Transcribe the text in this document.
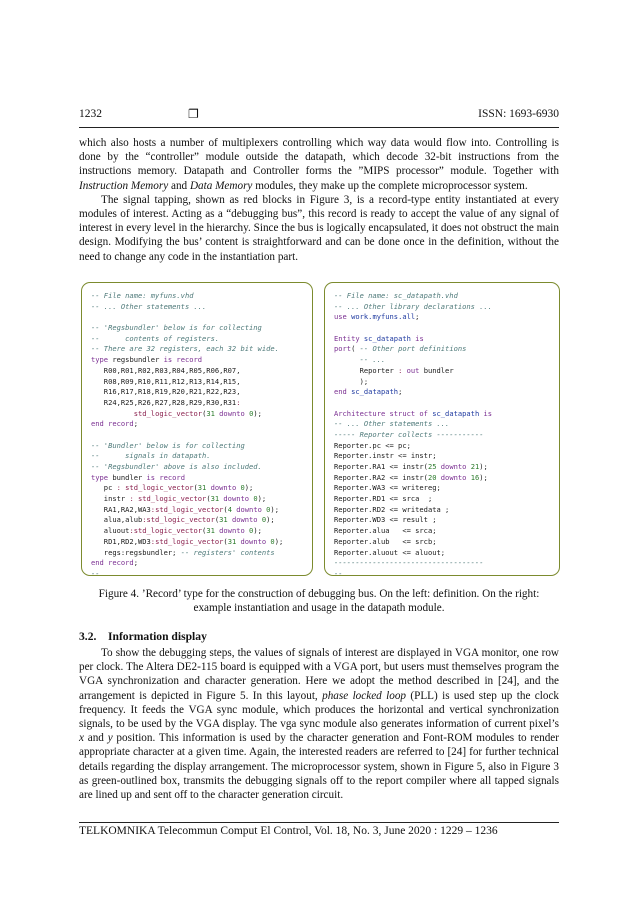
1232	❐	ISSN: 1693-6930

which also hosts a number of multiplexers controlling which way data would flow into. Controlling is done by the “controller” module outside the datapath, which decode 32-bit instructions from the instructions memory. Datapath and Controller forms the ”MIPS processor” module. Together with Instruction Memory and Data Memory modules, they make up the complete microprocessor system.

The signal tapping, shown as red blocks in Figure 3, is a record-type entity instantiated at every modules of interest. Acting as a “debugging bus”, this record is ready to accept the value of any signal of interest in every level in the hierarchy. Since the bus is logically encapsulated, it does not obstruct the main design. Modifying the bus’ content is straightforward and can be done once in the definition, without the need to change any code in the instantiation part.

-- File name: myfuns.vhd
-- ... Other statements ...
-- 'Regsbundler' below is for collecting
--      contents of registers.
-- There are 32 registers, each 32 bit wide.
type regsbundler is record
R00,R01,R02,R03,R04,R05,R06,R07,
R08,R09,R10,R11,R12,R13,R14,R15,
R16,R17,R18,R19,R20,R21,R22,R23,
R24,R25,R26,R27,R28,R29,R30,R31:
std_logic_vector(31 downto 0);
end record;
-- 'Bundler' below is for collecting
--      signals in datapath.
-- 'Regsbundler' above is also included.
type bundler is record
pc : std_logic_vector(31 downto 0);
instr : std_logic_vector(31 downto 0);
RA1,RA2,WA3:std_logic_vector(4 downto 0);
alua,alub:std_logic_vector(31 downto 0);
aluout:std_logic_vector(31 downto 0);
RD1,RD2,WD3:std_logic_vector(31 downto 0);
regs:regsbundler; -- registers' contents
end record;
-- ...
-- File name: sc_datapath.vhd
-- ... Other library declarations ...
use work.myfuns.all;
Entity sc_datapath is
port( -- Other port definitions
-- ...
Reporter : out bundler
);
end sc_datapath;
Architecture struct of sc_datapath is
-- ... Other statements ...
----- Reporter collects -----------
Reporter.pc <= pc;
Reporter.instr <= instr;
Reporter.RA1 <= instr(25 downto 21);
Reporter.RA2 <= instr(20 downto 16);
Reporter.WA3 <= writereg;
Reporter.RD1 <= srca  ;
Reporter.RD2 <= writedata ;
Reporter.WD3 <= result ;
Reporter.alua   <= srca;
Reporter.alub   <= srcb;
Reporter.aluout <= aluout;
-----------------------------------
-- ...
Figure 4. ’Record’ type for the construction of debugging bus. On the left: definition. On the right: example instantiation and usage in the datapath module.
3.2.    Information display

To show the debugging steps, the values of signals of interest are displayed in VGA monitor, one row per clock. The Altera DE2-115 board is equipped with a VGA port, but users must themselves program the VGA synchronization and character generation. Here we adopt the method described in [24], and the arrangement is depicted in Figure 5. In this layout, phase locked loop (PLL) is used step up the clock frequency. It feeds the VGA sync module, which produces the horizontal and vertical synchronization signals, to be used by the VGA display. The vga sync module also generates information of current pixel’s x and y position. This information is used by the character generation and Font-ROM modules to render appropriate character at a given time. Again, the interested readers are referred to [24] for further technical details regarding the display arrangement. The microprocessor system, shown in Figure 5, also in Figure 3 as green-outlined box, transmits the debugging signals off to the report compiler where all tapped signals are lined up and sent off to the character generation circuit.

TELKOMNIKA Telecommun Comput El Control, Vol. 18, No. 3, June 2020 : 1229 – 1236
